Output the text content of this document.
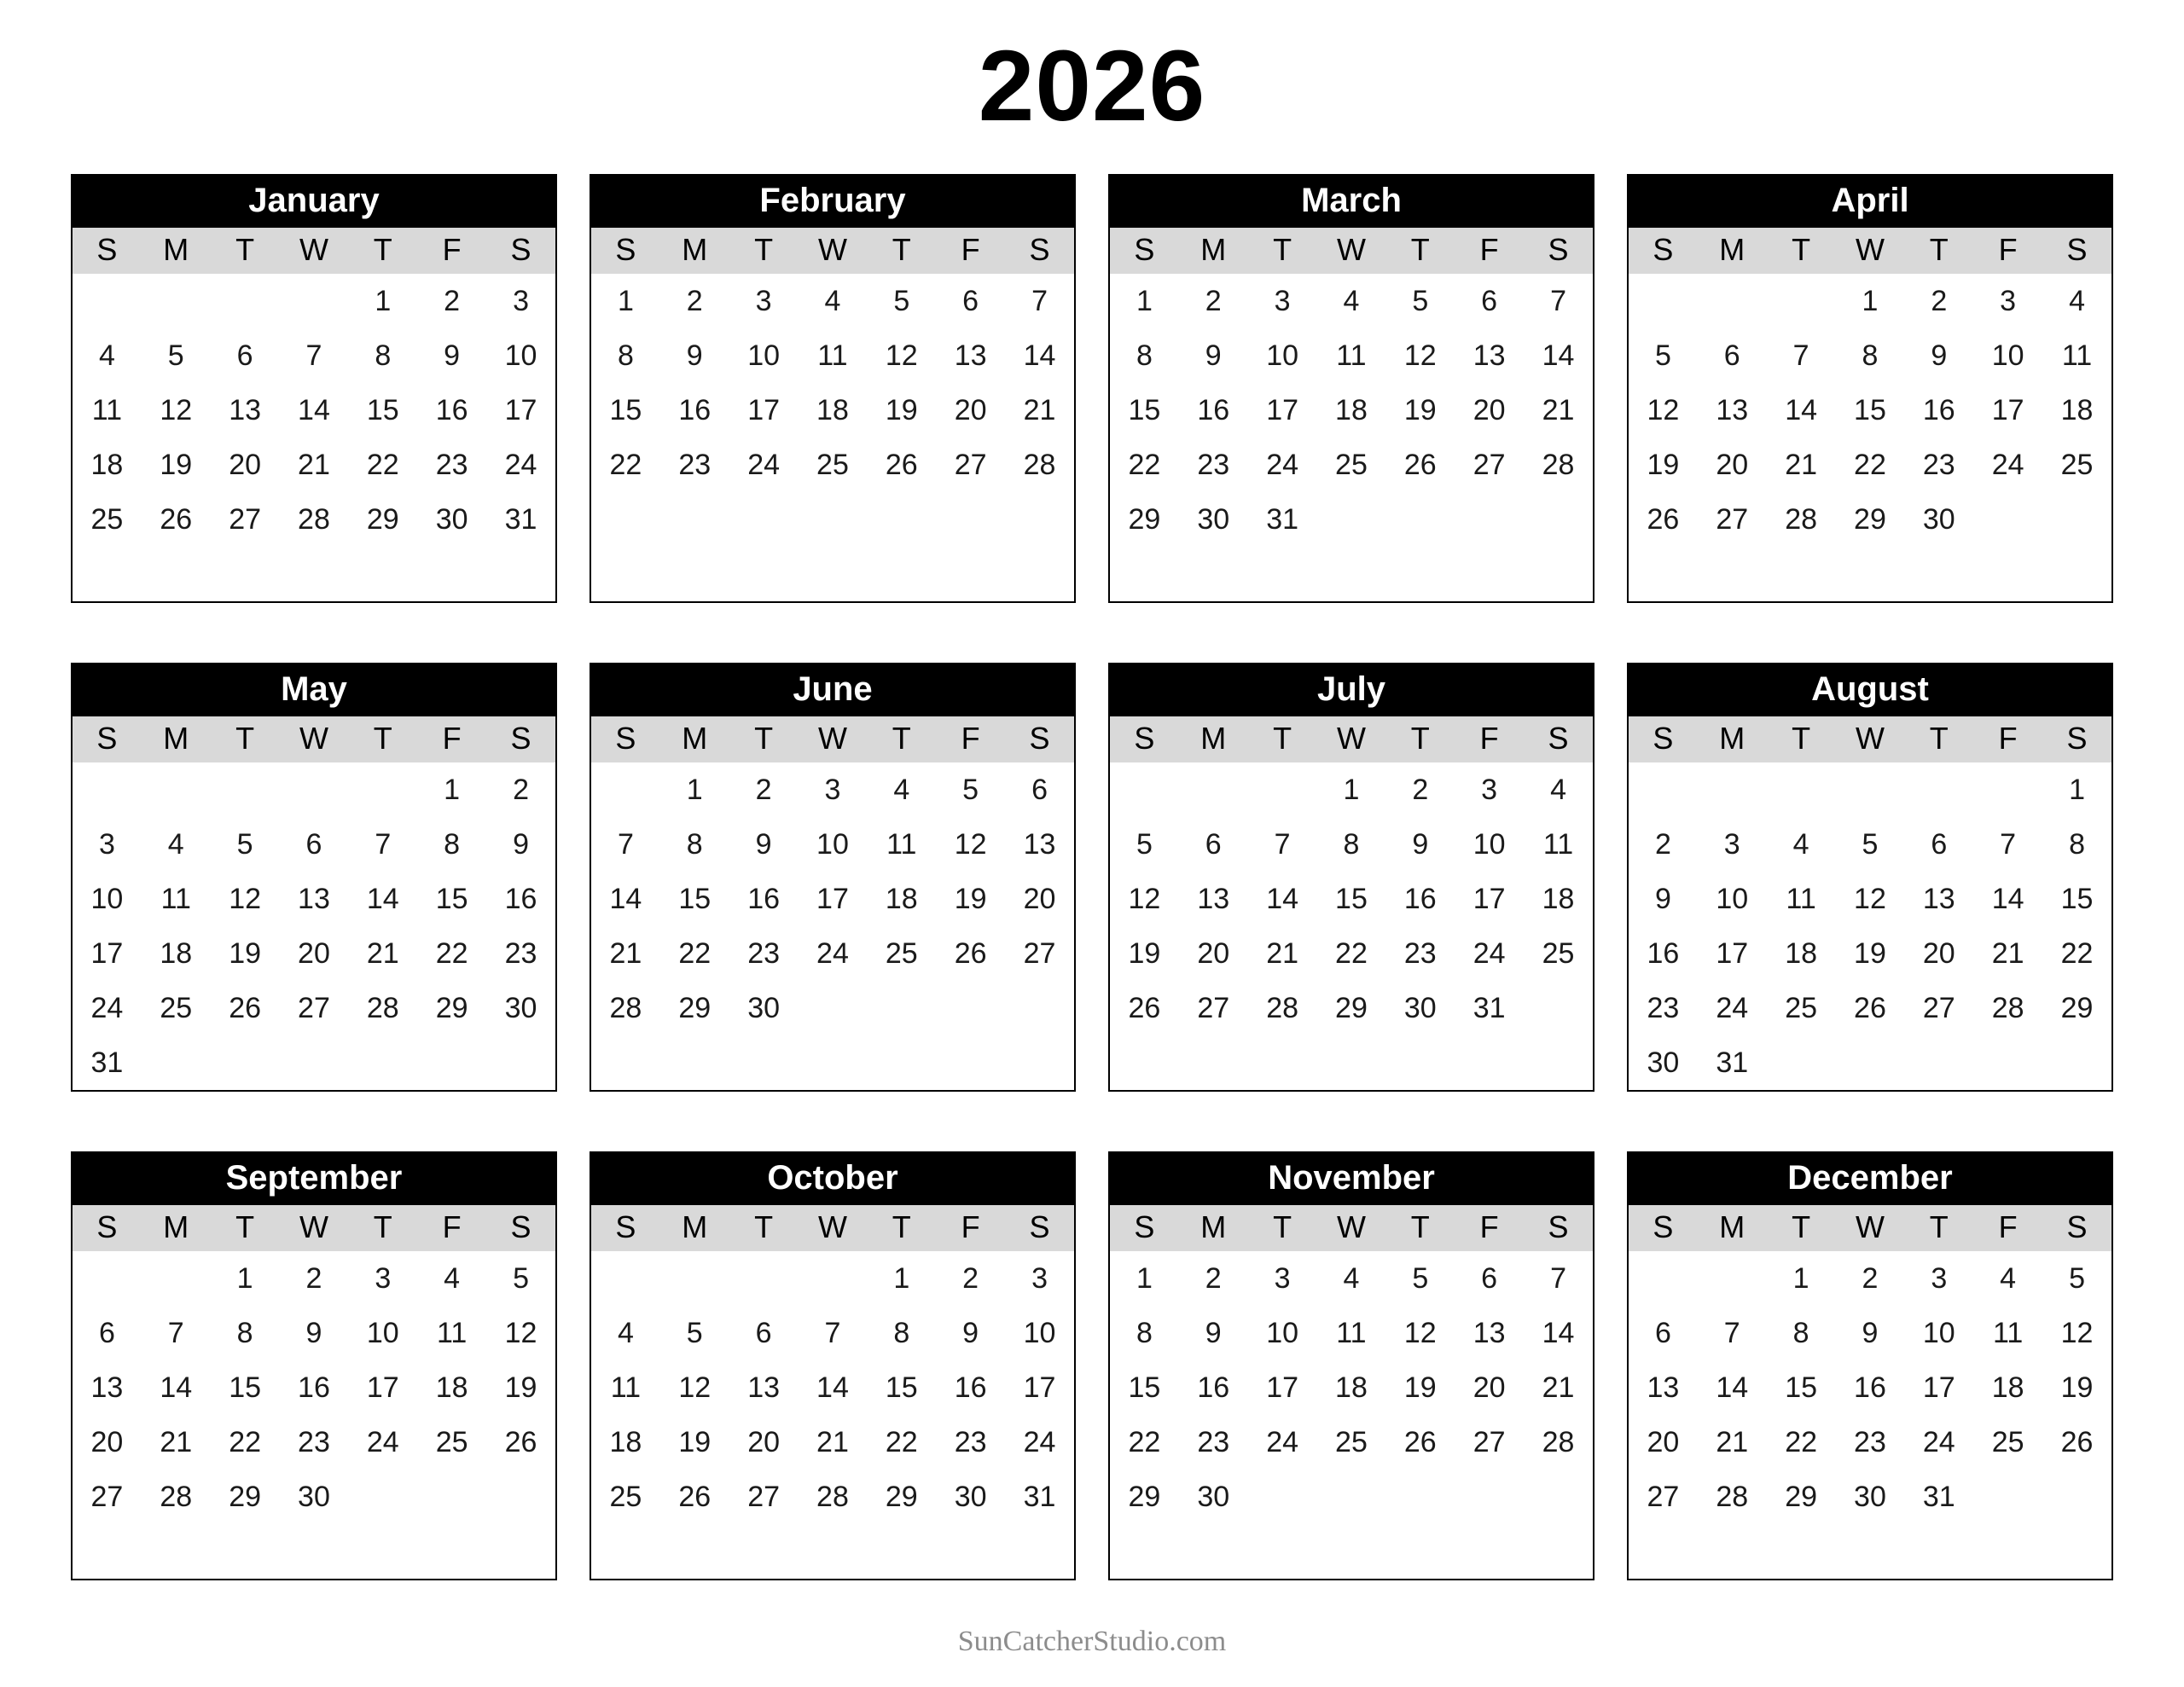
2026
January
S	M	T	W	T	F	S
				1	2	3
4	5	6	7	8	9	10
11	12	13	14	15	16	17
18	19	20	21	22	23	24
25	26	27	28	29	30	31

February
S	M	T	W	T	F	S
1	2	3	4	5	6	7
8	9	10	11	12	13	14
15	16	17	18	19	20	21
22	23	24	25	26	27	28

March
S	M	T	W	T	F	S
1	2	3	4	5	6	7
8	9	10	11	12	13	14
15	16	17	18	19	20	21
22	23	24	25	26	27	28
29	30	31				

April
S	M	T	W	T	F	S
			1	2	3	4
5	6	7	8	9	10	11
12	13	14	15	16	17	18
19	20	21	22	23	24	25
26	27	28	29	30		

May
S	M	T	W	T	F	S
					1	2
3	4	5	6	7	8	9
10	11	12	13	14	15	16
17	18	19	20	21	22	23
24	25	26	27	28	29	30
31						
June
S	M	T	W	T	F	S
	1	2	3	4	5	6
7	8	9	10	11	12	13
14	15	16	17	18	19	20
21	22	23	24	25	26	27
28	29	30				

July
S	M	T	W	T	F	S
			1	2	3	4
5	6	7	8	9	10	11
12	13	14	15	16	17	18
19	20	21	22	23	24	25
26	27	28	29	30	31	

August
S	M	T	W	T	F	S
						1
2	3	4	5	6	7	8
9	10	11	12	13	14	15
16	17	18	19	20	21	22
23	24	25	26	27	28	29
30	31					
September
S	M	T	W	T	F	S
		1	2	3	4	5
6	7	8	9	10	11	12
13	14	15	16	17	18	19
20	21	22	23	24	25	26
27	28	29	30			

October
S	M	T	W	T	F	S
				1	2	3
4	5	6	7	8	9	10
11	12	13	14	15	16	17
18	19	20	21	22	23	24
25	26	27	28	29	30	31

November
S	M	T	W	T	F	S
1	2	3	4	5	6	7
8	9	10	11	12	13	14
15	16	17	18	19	20	21
22	23	24	25	26	27	28
29	30					

December
S	M	T	W	T	F	S
		1	2	3	4	5
6	7	8	9	10	11	12
13	14	15	16	17	18	19
20	21	22	23	24	25	26
27	28	29	30	31		

SunCatcherStudio.com
